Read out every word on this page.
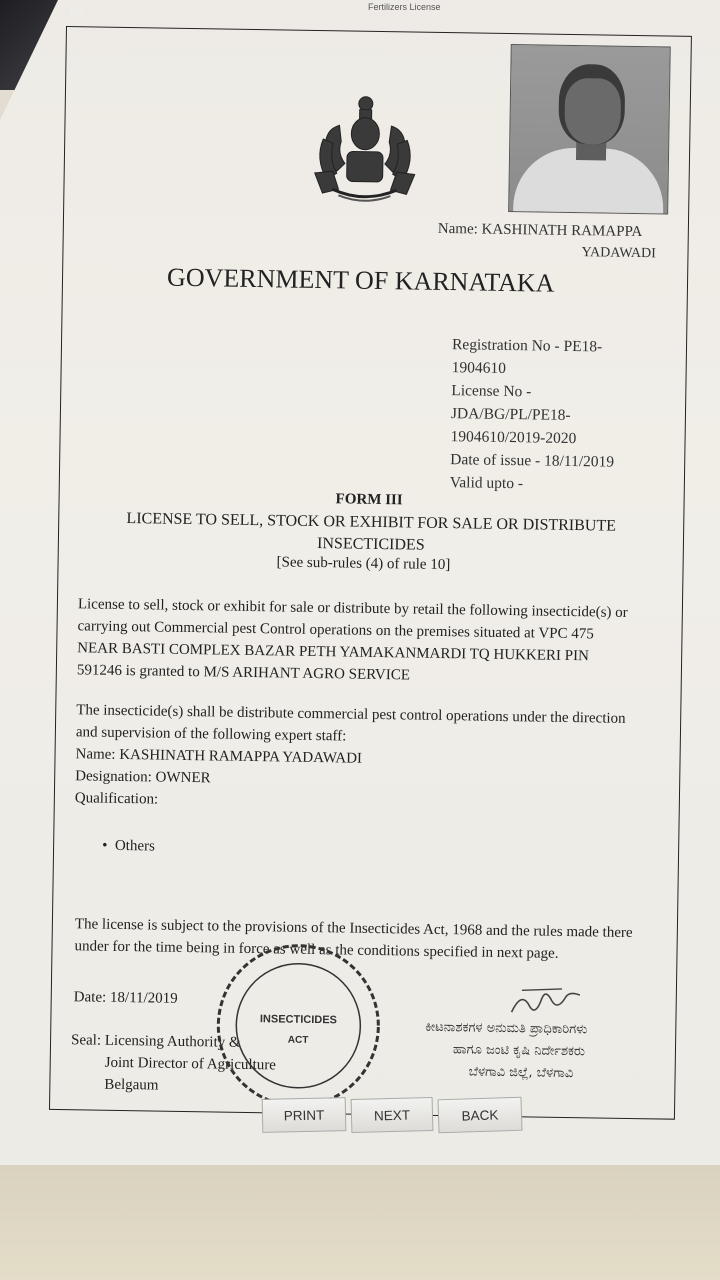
F5	Fertilizers License
Name: KASHINATH RAMAPPA
YADAWADI
GOVERNMENT OF KARNATAKA
Registration No - PE18-
1904610
License No -
JDA/BG/PL/PE18-
1904610/2019-2020
Date of issue - 18/11/2019
Valid upto -
FORM III
LICENSE TO SELL, STOCK OR EXHIBIT FOR SALE OR DISTRIBUTE INSECTICIDES
[See sub-rules (4) of rule 10]
License to sell, stock or exhibit for sale or distribute by retail the following insecticide(s) or carrying out Commercial pest Control operations on the premises situated at VPC 475 NEAR BASTI COMPLEX BAZAR PETH YAMAKANMARDI TQ HUKKERI PIN 591246 is granted to M/S ARIHANT AGRO SERVICE
The insecticide(s) shall be distribute commercial pest control operations under the direction and supervision of the following expert staff:
Name: KASHINATH RAMAPPA YADAWADI
Designation: OWNER
Qualification:
•  Others
The license is subject to the provisions of the Insecticides Act, 1968 and the rules made there under for the time being in force as well as the conditions specified in next page.
Date: 18/11/2019
Seal: Licensing Authority &
Joint Director of Agriculture
Belgaum
ಕೀಟನಾಶಕಗಳ ಅನುಮತಿ ಪ್ರಾಧಿಕಾರಿಗಳು
ಹಾಗೂ ಜಂಟಿ ಕೃಷಿ ನಿರ್ದೇಶಕರು
ಬೆಳಗಾವಿ ಜಿಲ್ಲೆ, ಬೆಳಗಾವಿ
INSECTICIDES
ACT
PRINT	NEXT	BACK
